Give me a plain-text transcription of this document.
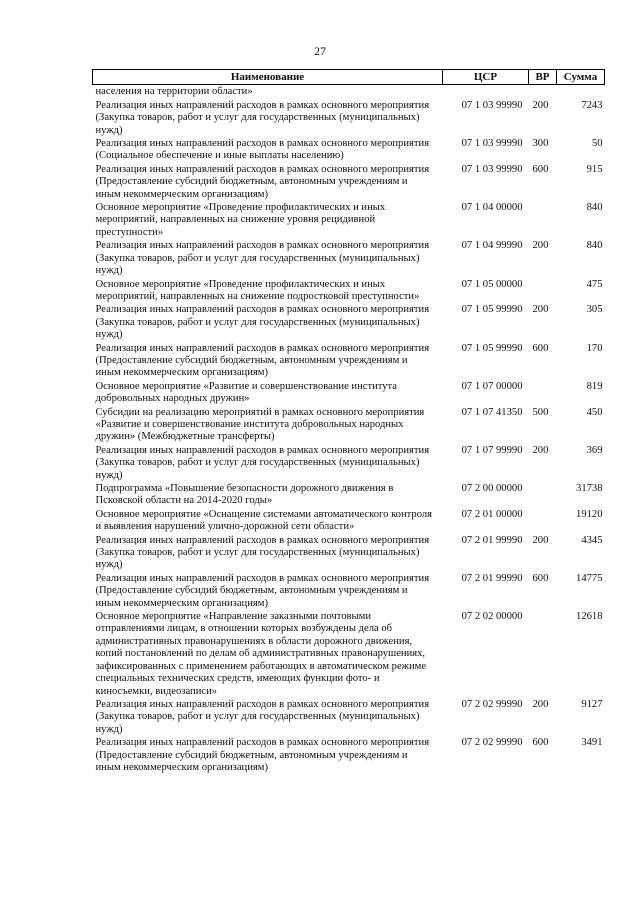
27
Наименование	ЦСР	ВР	Сумма
населения на территории области»			
Реализация иных направлений расходов в рамках основного мероприятия (Закупка товаров, работ и услуг для государственных (муниципальных) нужд)	07 1 03 99990	200	7243
Реализация иных направлений расходов в рамках основного мероприятия (Социальное обеспечение и иные выплаты населению)	07 1 03 99990	300	50
Реализация иных направлений расходов в рамках основного мероприятия (Предоставление субсидий бюджетным, автономным учреждениям и иным некоммерческим организациям)	07 1 03 99990	600	915
Основное мероприятие «Проведение профилактических и иных мероприятий, направленных на снижение уровня рецидивной преступности»	07 1 04 00000		840
Реализация иных направлений расходов в рамках основного мероприятия (Закупка товаров, работ и услуг для государственных (муниципальных) нужд)	07 1 04 99990	200	840
Основное мероприятие «Проведение профилактических и иных мероприятий, направленных на снижение подростковой преступности»	07 1 05 00000		475
Реализация иных направлений расходов в рамках основного мероприятия (Закупка товаров, работ и услуг для государственных (муниципальных) нужд)	07 1 05 99990	200	305
Реализация иных направлений расходов в рамках основного мероприятия (Предоставление субсидий бюджетным, автономным учреждениям и иным некоммерческим организациям)	07 1 05 99990	600	170
Основное мероприятие «Развитие и совершенствование института добровольных народных дружин»	07 1 07 00000		819
Субсидии на реализацию мероприятий в рамках основного мероприятия «Развитие и совершенствование института добровольных народных дружин» (Межбюджетные трансферты)	07 1 07 41350	500	450
Реализация иных направлений расходов в рамках основного мероприятия (Закупка товаров, работ и услуг для государственных (муниципальных) нужд)	07 1 07 99990	200	369
Подпрограмма «Повышение безопасности дорожного движения в Псковской области на 2014-2020 годы»	07 2 00 00000		31738
Основное мероприятие «Оснащение системами автоматического контроля и выявления нарушений улично-дорожной сети области»	07 2 01 00000		19120
Реализация иных направлений расходов в рамках основного мероприятия (Закупка товаров, работ и услуг для государственных (муниципальных) нужд)	07 2 01 99990	200	4345
Реализация иных направлений расходов в рамках основного мероприятия (Предоставление субсидий бюджетным, автономным учреждениям и иным некоммерческим организациям)	07 2 01 99990	600	14775
Основное мероприятие «Направление заказными почтовыми отправлениями лицам, в отношении которых возбуждены дела об административных правонарушениях в области дорожного движения, копий постановлений по делам об административных правонарушениях, зафиксированных с применением работающих в автоматическом режиме специальных технических средств, имеющих функции фото- и киносъемки, видеозаписи»	07 2 02 00000		12618
Реализация иных направлений расходов в рамках основного мероприятия (Закупка товаров, работ и услуг для государственных (муниципальных) нужд)	07 2 02 99990	200	9127
Реализация иных направлений расходов в рамках основного мероприятия (Предоставление субсидий бюджетным, автономным учреждениям и иным некоммерческим организациям)	07 2 02 99990	600	3491
